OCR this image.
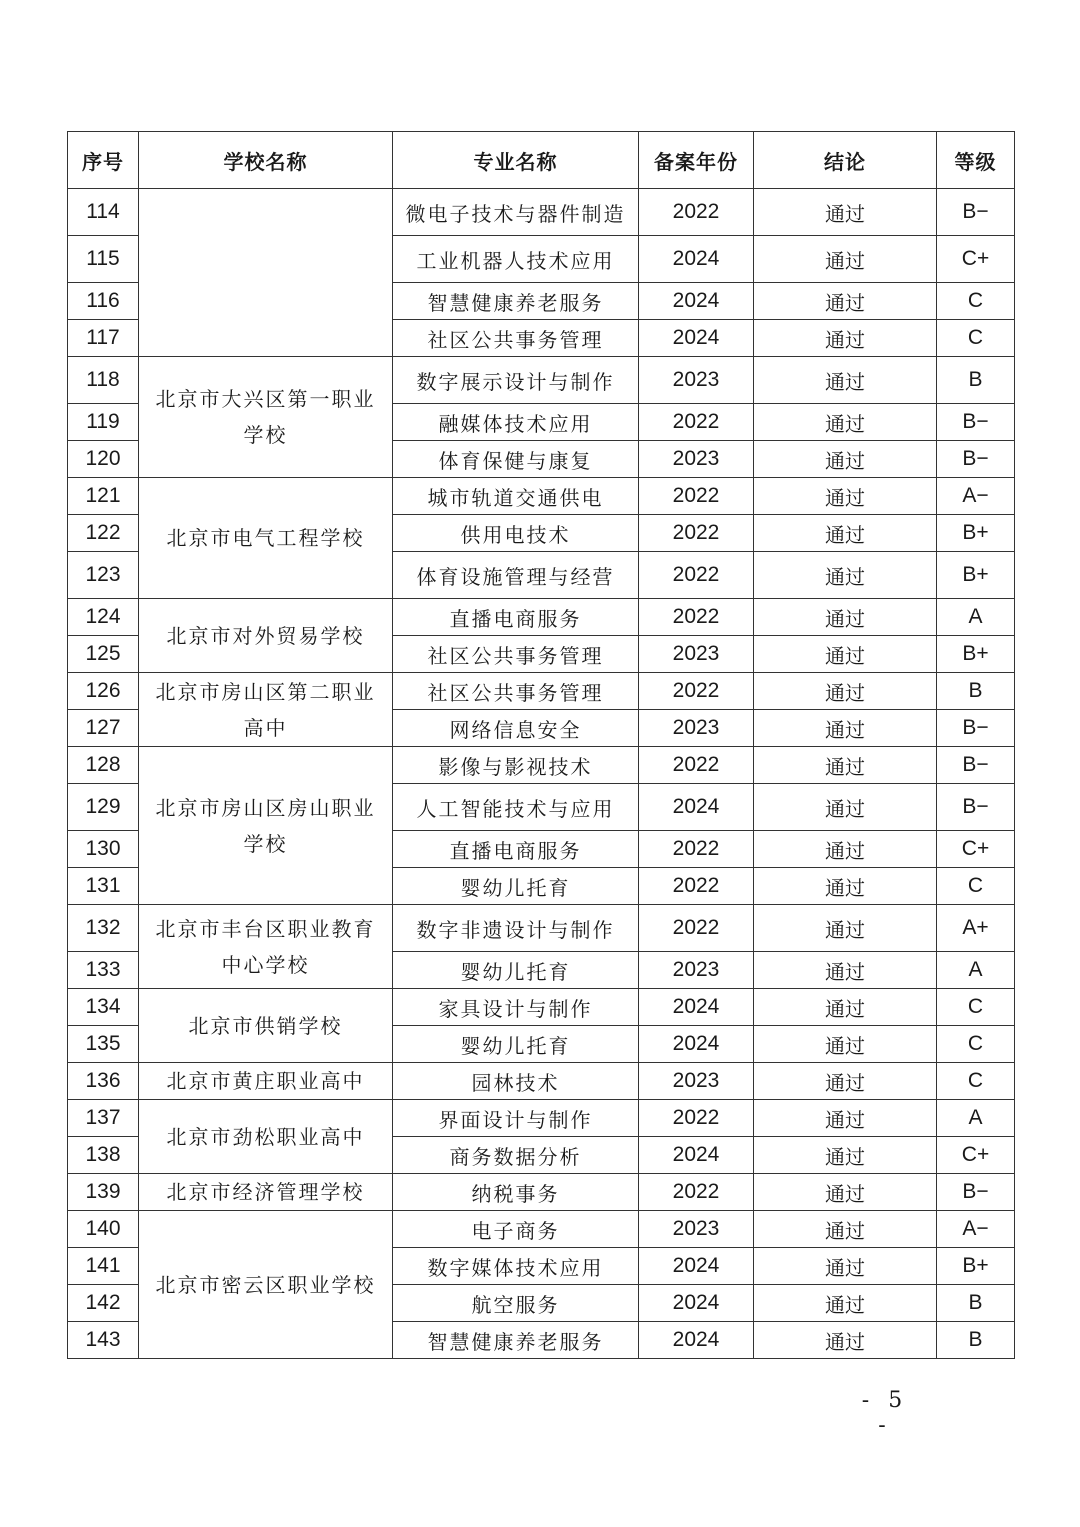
序号	学校名称	专业名称	备案年份	结论	等级
114		微电子技术与器件制造	2022	通过	B−
115		工业机器人技术应用	2024	通过	C+
116		智慧健康养老服务	2024	通过	C
117		社区公共事务管理	2024	通过	C
118	北京市大兴区第一职业学校	数字展示设计与制作	2023	通过	B
119		融媒体技术应用	2022	通过	B−
120		体育保健与康复	2023	通过	B−
121	北京市电气工程学校	城市轨道交通供电	2022	通过	A−
122		供用电技术	2022	通过	B+
123		体育设施管理与经营	2022	通过	B+
124	北京市对外贸易学校	直播电商服务	2022	通过	A
125		社区公共事务管理	2023	通过	B+
126	北京市房山区第二职业高中	社区公共事务管理	2022	通过	B
127		网络信息安全	2023	通过	B−
128	北京市房山区房山职业学校	影像与影视技术	2022	通过	B−
129		人工智能技术与应用	2024	通过	B−
130		直播电商服务	2022	通过	C+
131		婴幼儿托育	2022	通过	C
132	北京市丰台区职业教育中心学校	数字非遗设计与制作	2022	通过	A+
133		婴幼儿托育	2023	通过	A
134	北京市供销学校	家具设计与制作	2024	通过	C
135		婴幼儿托育	2024	通过	C
136	北京市黄庄职业高中	园林技术	2023	通过	C
137	北京市劲松职业高中	界面设计与制作	2022	通过	A
138		商务数据分析	2024	通过	C+
139	北京市经济管理学校	纳税事务	2022	通过	B−
140	北京市密云区职业学校	电子商务	2023	通过	A−
141		数字媒体技术应用	2024	通过	B+
142		航空服务	2024	通过	B
143		智慧健康养老服务	2024	通过	B
- 5 -
